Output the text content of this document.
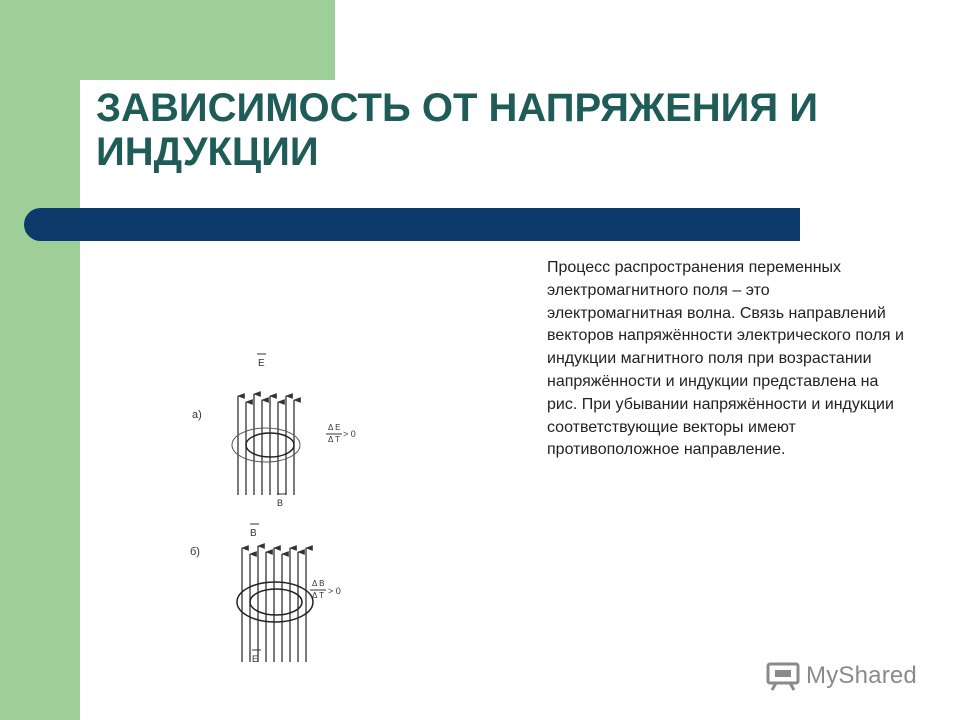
ЗАВИСИМОСТЬ ОТ НАПРЯЖЕНИЯ И ИНДУКЦИИ

Процесс распространения переменных электромагнитного поля – это электромагнитная волна. Связь направлений векторов напряжённости электрического поля и индукции магнитного поля при возрастании напряжённости и индукции представлена на рис. При убывании напряжённости и индукции соответствующие векторы имеют противоположное направление.

а)
E
Δ E
Δ T
> 0
B
б)
B
Δ B
Δ T > 0
E
MyShared
